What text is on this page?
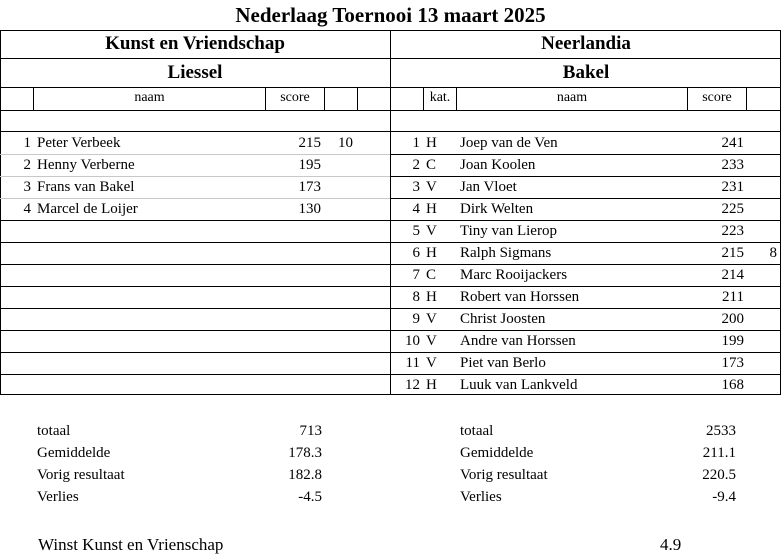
Nederlaag Toernooi 13 maart 2025
Kunst en Vriendschap	Neerlandia
Liessel	Bakel
naam	score	kat.	naam	score
1 Peter Verbeek	215	10
2 Henny Verberne	195
3 Frans van Bakel	173
4 Marcel de Loijer	130
1 H Joep van de Ven	241
2 C Joan Koolen	233
3 V Jan Vloet	231
4 H Dirk Welten	225
5 V Tiny van Lierop	223
6 H Ralph Sigmans	215	8
7 C Marc Rooijackers	214
8 H Robert van Horssen	211
9 V Christ Joosten	200
10 V Andre van Horssen	199
11 V Piet van Berlo	173
12 H Luuk van Lankveld	168
totaal	713
Gemiddelde	178.3
Vorig resultaat	182.8
Verlies	-4.5
totaal	2533
Gemiddelde	211.1
Vorig resultaat	220.5
Verlies	-9.4
Winst Kunst en Vrienschap	4.9
